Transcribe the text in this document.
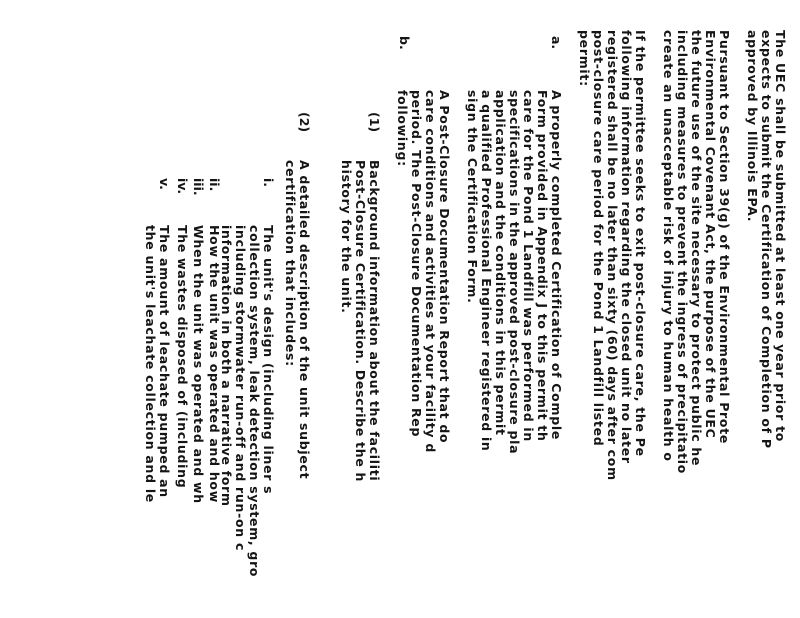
The UEC shall be submitted at least one year prior to
expects to submit the Certification of Completion of P
approved by Illinois EPA.
Pursuant to Section 39(g) of the Environmental Prote
Environmental Covenant Act, the purpose of the UEC
the future use of the site necessary to protect public he
including measures to prevent the ingress of precipitatio
create an unacceptable risk of injury to human health o
If the permittee seeks to exit post-closure care, the Pe
following information regarding the closed unit no later
registered shall be no later than sixty (60) days after com
post-closure care period for the Pond 1 Landfill listed
permit:
a.
A properly completed Certification of Comple
Form provided in Appendix J to this permit th
care for the Pond 1 Landfill was performed in
specifications in the approved post-closure pla
application and the conditions in this permit
a qualified Professional Engineer registered in
sign the Certification Form.
b.
A Post-Closure Documentation Report that do
care conditions and activities at your facility d
period. The Post-Closure Documentation Rep
following:
(1)
Background information about the faciliti
Post-Closure Certification. Describe the h
history for the unit.
(2)
A detailed description of the unit subject
certification that includes:
i.
The unit's design (including liner s
collection system, leak detection system, gro
including stormwater run-off and run-on c
information in both a narrative form
ii.
How the unit was operated and how
iii.
When the unit was operated and wh
iv.
The wastes disposed of (including
v.
The amount of leachate pumped an
the unit's leachate collection and le
